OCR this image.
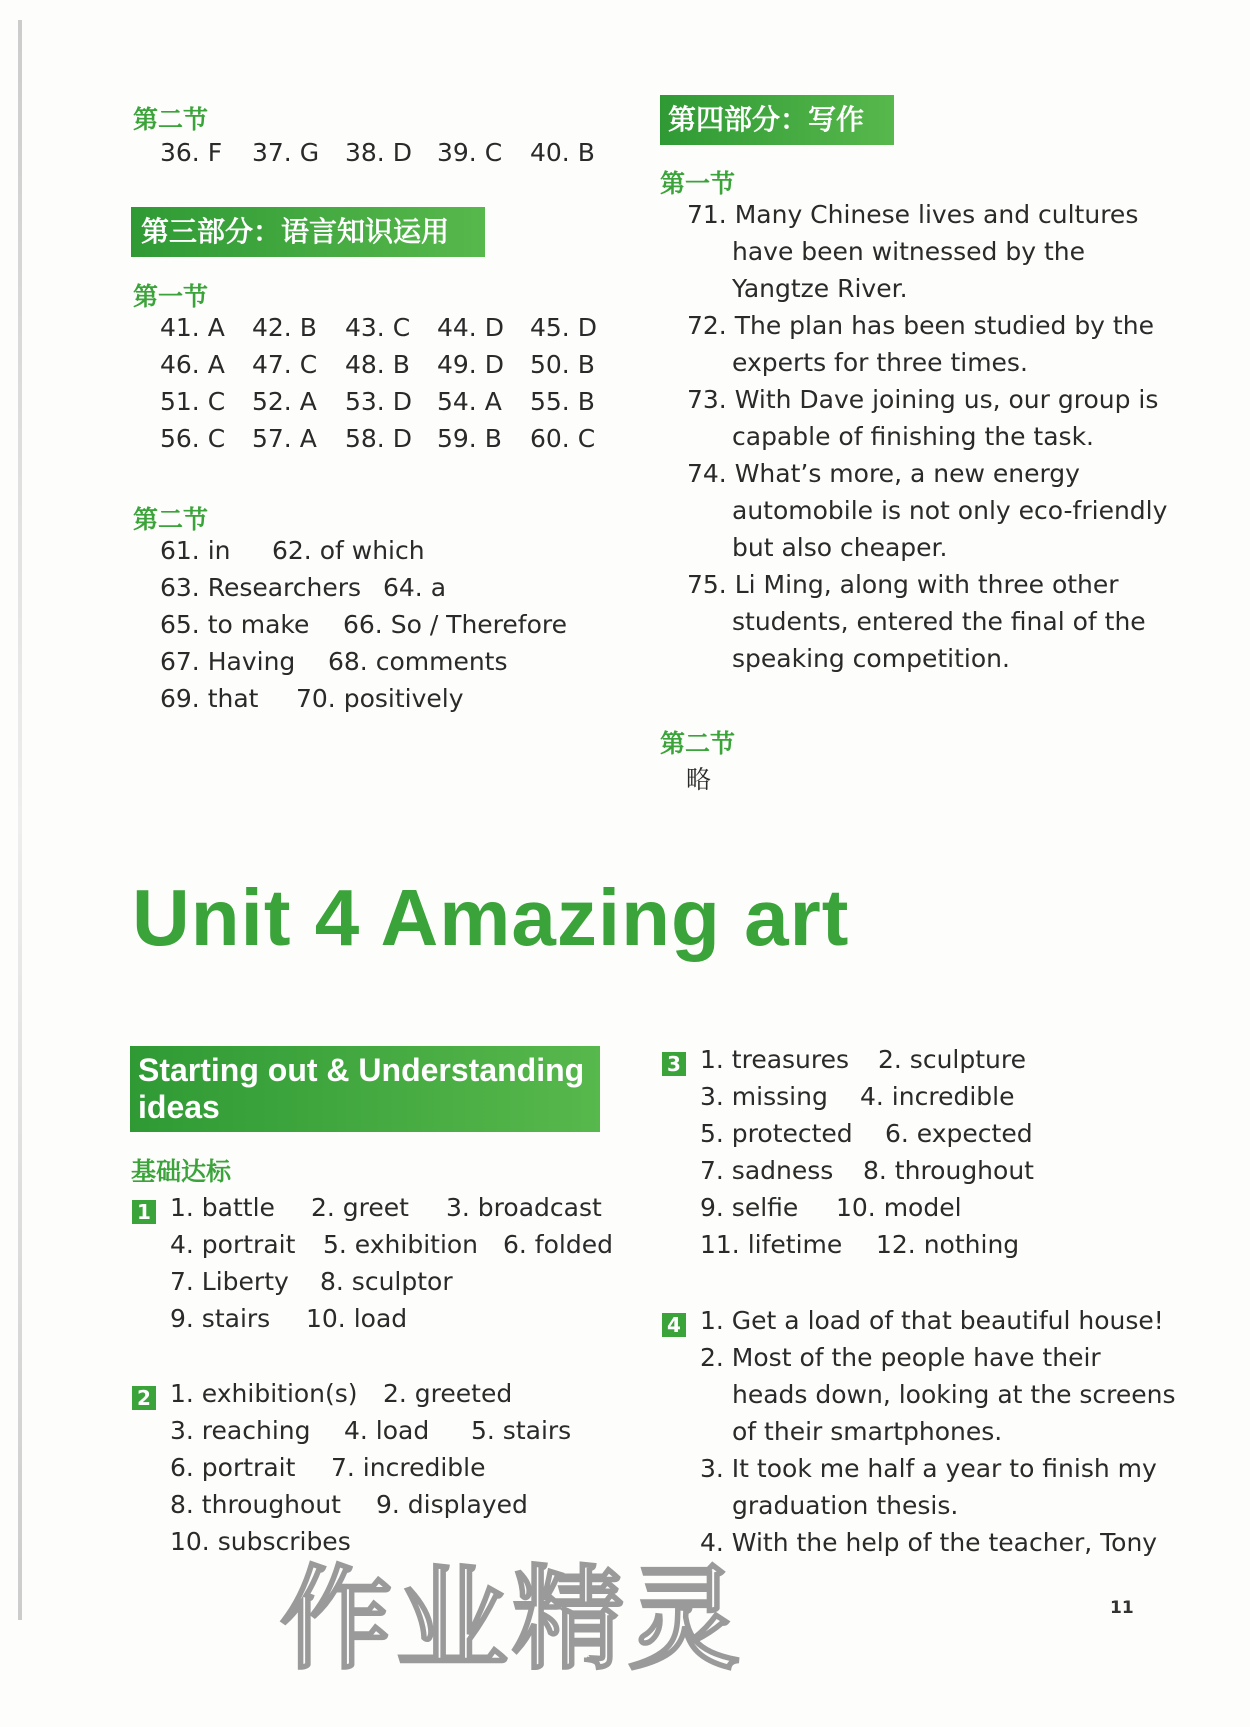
第二节
36. F 37. G 38. D 39. C 40. B
第三部分：语言知识运用
第一节
41. A 42. B 43. C 44. D 45. D
46. A 47. C 48. B 49. D 50. B
51. C 52. A 53. D 54. A 55. B
56. C 57. A 58. D 59. B 60. C
第二节
61. in 62. of which
63. Researchers 64. a
65. to make 66. So / Therefore
67. Having 68. comments
69. that 70. positively
第四部分：写作
第一节
71. Many Chinese lives and cultures
have been witnessed by the
Yangtze River.
72. The plan has been studied by the
experts for three times.
73. With Dave joining us, our group is
capable of finishing the task.
74. What’s more, a new energy
automobile is not only eco-friendly
but also cheaper.
75. Li Ming, along with three other
students, entered the final of the
speaking competition.
第二节
略
Unit 4 Amazing art
Starting out & Understanding
ideas
基础达标
1 1. battle 2. greet 3. broadcast
4. portrait 5. exhibition 6. folded
7. Liberty 8. sculptor
9. stairs 10. load
2 1. exhibition(s) 2. greeted
3. reaching 4. load 5. stairs
6. portrait 7. incredible
8. throughout 9. displayed
10. subscribes
3 1. treasures 2. sculpture
3. missing 4. incredible
5. protected 6. expected
7. sadness 8. throughout
9. selfie 10. model
11. lifetime 12. nothing
4 1. Get a load of that beautiful house!
2. Most of the people have their
heads down, looking at the screens
of their smartphones.
3. It took me half a year to finish my
graduation thesis.
4. With the help of the teacher, Tony
作业精灵	11
